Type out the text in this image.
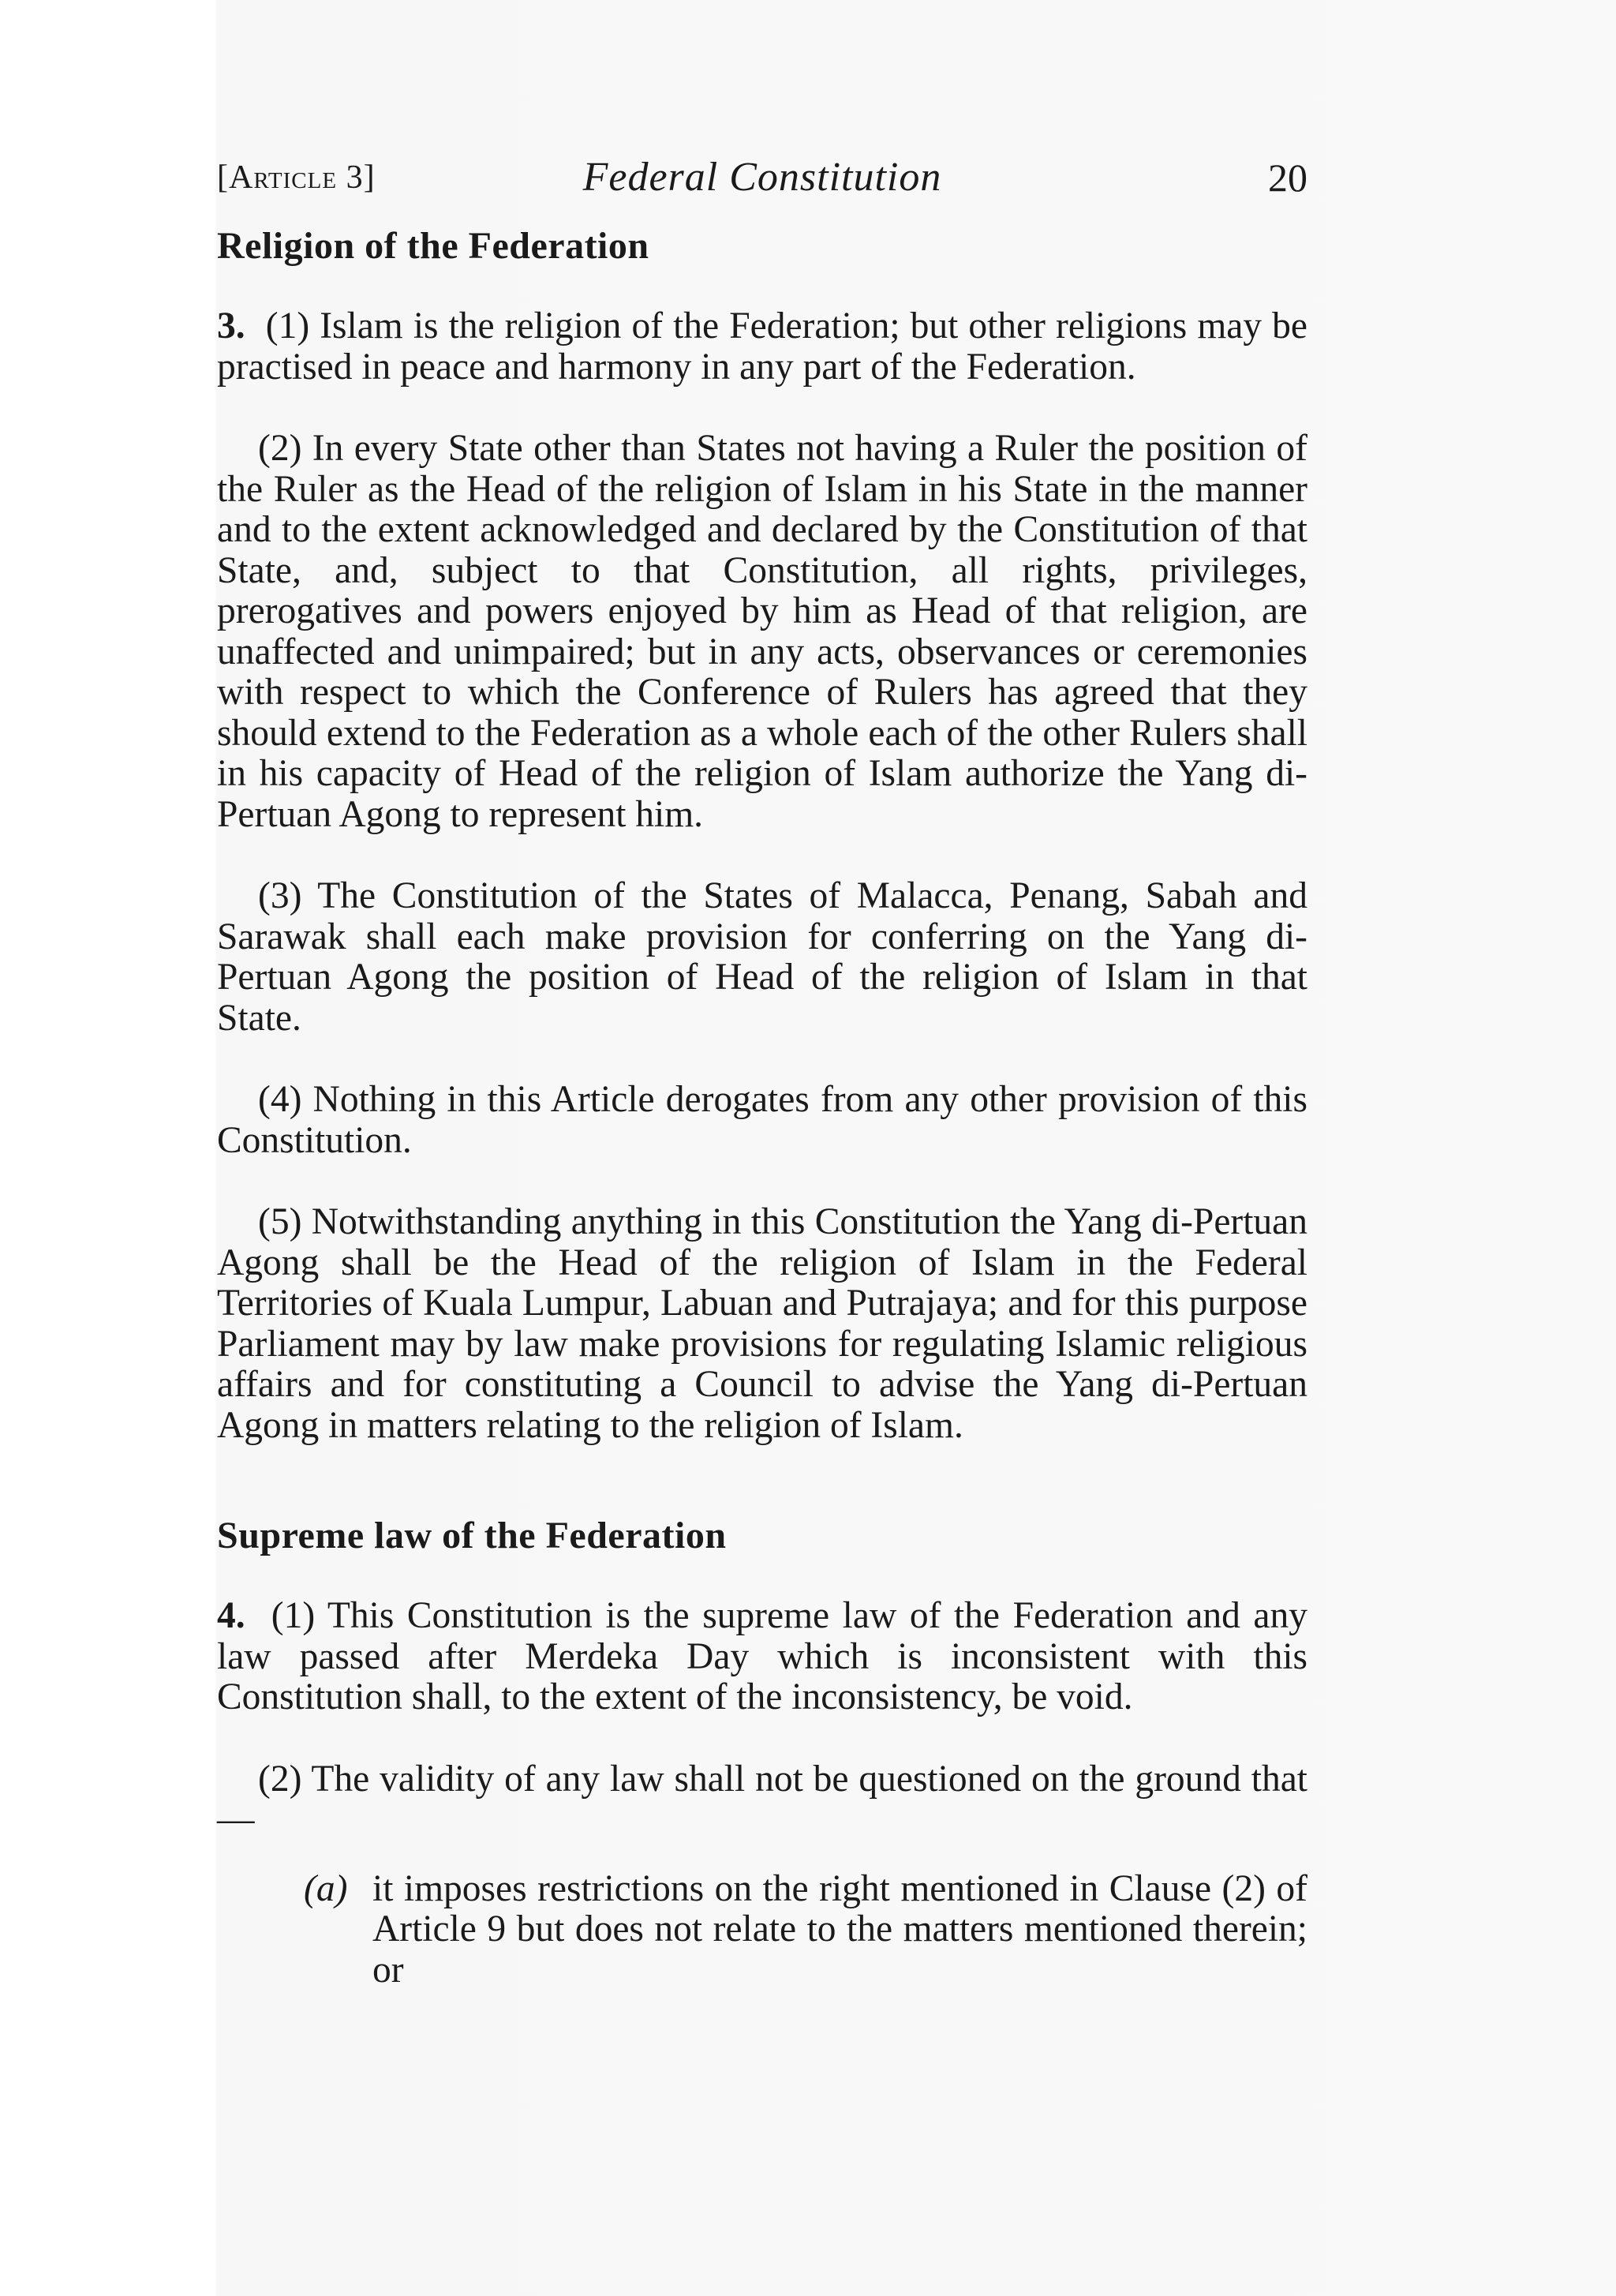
[Article 3]	Federal Constitution	20
Religion of the Federation

3. (1) Islam is the religion of the Federation; but other religions may be practised in peace and harmony in any part of the Federation.

(2) In every State other than States not having a Ruler the position of the Ruler as the Head of the religion of Islam in his State in the manner and to the extent acknowledged and declared by the Constitution of that State, and, subject to that Constitution, all rights, privileges, prerogatives and powers enjoyed by him as Head of that religion, are unaffected and unimpaired; but in any acts, observances or ceremonies with respect to which the Conference of Rulers has agreed that they should extend to the Federation as a whole each of the other Rulers shall in his capacity of Head of the religion of Islam authorize the Yang di-Pertuan Agong to represent him.

(3) The Constitution of the States of Malacca, Penang, Sabah and Sarawak shall each make provision for conferring on the Yang di-Pertuan Agong the position of Head of the religion of Islam in that State.

(4) Nothing in this Article derogates from any other provision of this Constitution.

(5) Notwithstanding anything in this Constitution the Yang di-Pertuan Agong shall be the Head of the religion of Islam in the Federal Territories of Kuala Lumpur, Labuan and Putrajaya; and for this purpose Parliament may by law make provisions for regulating Islamic religious affairs and for constituting a Council to advise the Yang di-Pertuan Agong in matters relating to the religion of Islam.

Supreme law of the Federation

4. (1) This Constitution is the supreme law of the Federation and any law passed after Merdeka Day which is inconsistent with this Constitution shall, to the extent of the inconsistency, be void.

(2) The validity of any law shall not be questioned on the ground that—

(a) it imposes restrictions on the right mentioned in Clause (2) of Article 9 but does not relate to the matters mentioned therein; or
